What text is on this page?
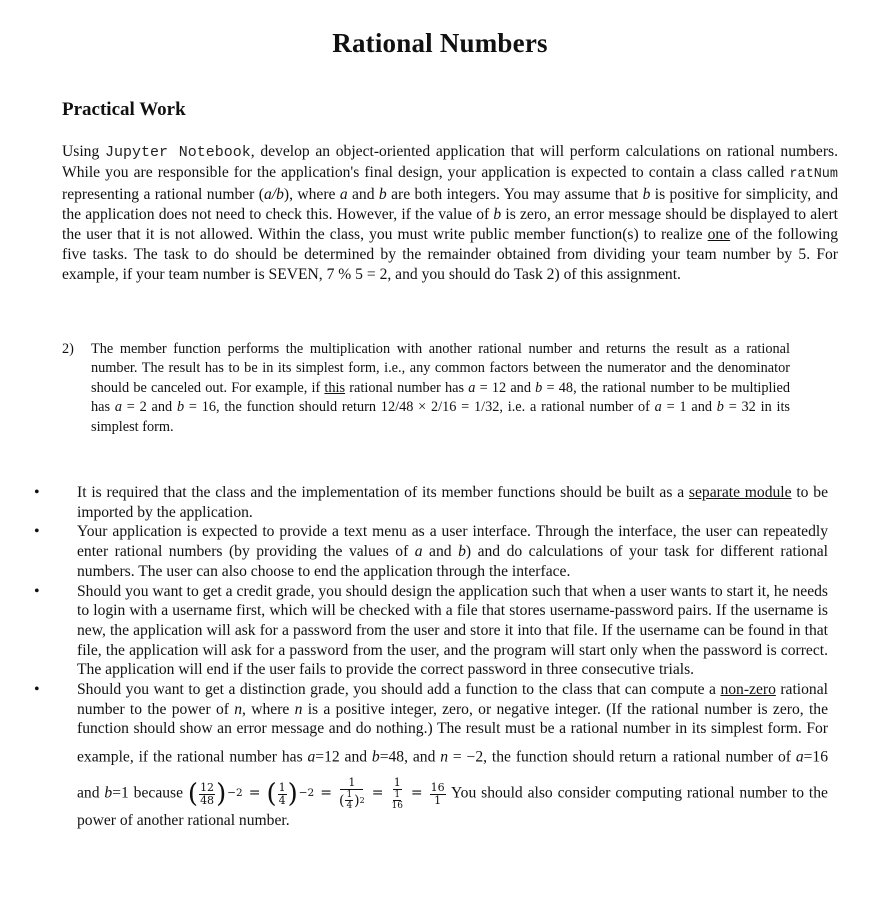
Rational Numbers
Practical Work

Using Jupyter Notebook, develop an object-oriented application that will perform calculations on rational numbers. While you are responsible for the application's final design, your application is expected to contain a class called ratNum representing a rational number (a/b), where a and b are both integers. You may assume that b is positive for simplicity, and the application does not need to check this. However, if the value of b is zero, an error message should be displayed to alert the user that it is not allowed. Within the class, you must write public member function(s) to realize one of the following five tasks. The task to do should be determined by the remainder obtained from dividing your team number by 5. For example, if your team number is SEVEN, 7 % 5 = 2, and you should do Task 2) of this assignment.

2)	The member function performs the multiplication with another rational number and returns the result as a rational number. The result has to be in its simplest form, i.e., any common factors between the numerator and the denominator should be canceled out. For example, if this rational number has a = 12 and b = 48, the rational number to be multiplied has a = 2 and b = 16, the function should return 12/48 × 2/16 = 1/32, i.e. a rational number of a = 1 and b = 32 in its simplest form.
• It is required that the class and the implementation of its member functions should be built as a separate module to be imported by the application.
• Your application is expected to provide a text menu as a user interface. Through the interface, the user can repeatedly enter rational numbers (by providing the values of a and b) and do calculations of your task for different rational numbers. The user can also choose to end the application through the interface.
• Should you want to get a credit grade, you should design the application such that when a user wants to start it, he needs to login with a username first, which will be checked with a file that stores username-password pairs. If the username is new, the application will ask for a password from the user and store it into that file. If the username can be found in that file, the application will ask for a password from the user, and the program will start only when the password is correct. The application will end if the user fails to provide the correct password in three consecutive trials.
• Should you want to get a distinction grade, you should add a function to the class that can compute a non-zero rational number to the power of n, where n is a positive integer, zero, or negative integer. (If the rational number is zero, the function should show an error message and do nothing.) The result must be a rational number in its simplest form. For example, if the rational number has a=12 and b=48, and n = −2, the function should return a rational number of a=16 and b=1 because ( $\frac{12}{48}$ ) −2 = ( $\frac{1}{4}$ ) $-2 = \frac{1}{( \frac{1}{4} ) 2} = \frac{1}{\frac{1}{16}} = \frac{16}{1}$ You should also consider computing rational number to the power of another rational number.
